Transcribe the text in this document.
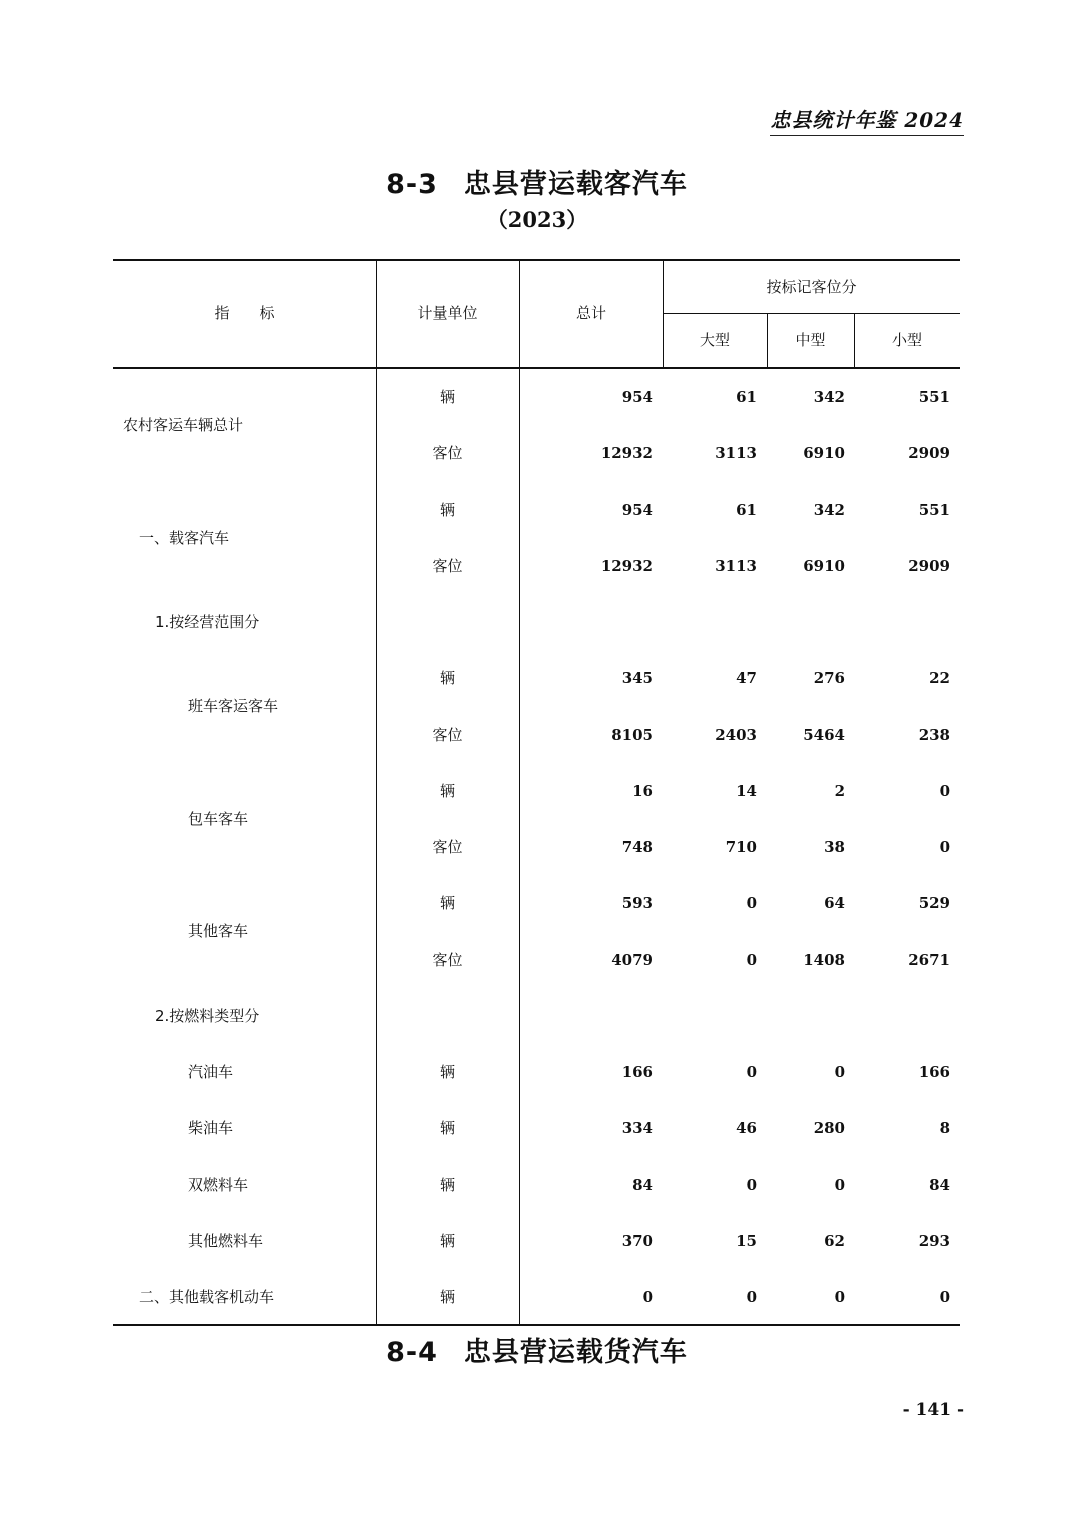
忠县统计年鉴 2024
8-3 忠县营运载客汽车
（2023）
指　　标	计量单位	总计
按标记客位分
大型	中型	小型
农村客运车辆总计
辆	954	61	342	551
客位	12932	3113	6910	2909
一、载客汽车
辆	954	61	342	551
客位	12932	3113	6910	2909
1.按经营范围分
班车客运客车
辆	345	47	276	22
客位	8105	2403	5464	238
包车客车
辆	16	14	2	0
客位	748	710	38	0
其他客车
辆	593	0	64	529
客位	4079	0	1408	2671
2.按燃料类型分
汽油车	辆	166	0	0	166
柴油车	辆	334	46	280	8
双燃料车	辆	84	0	0	84
其他燃料车	辆	370	15	62	293
二、其他载客机动车	辆	0	0	0	0
8-4 忠县营运载货汽车
- 141 -
